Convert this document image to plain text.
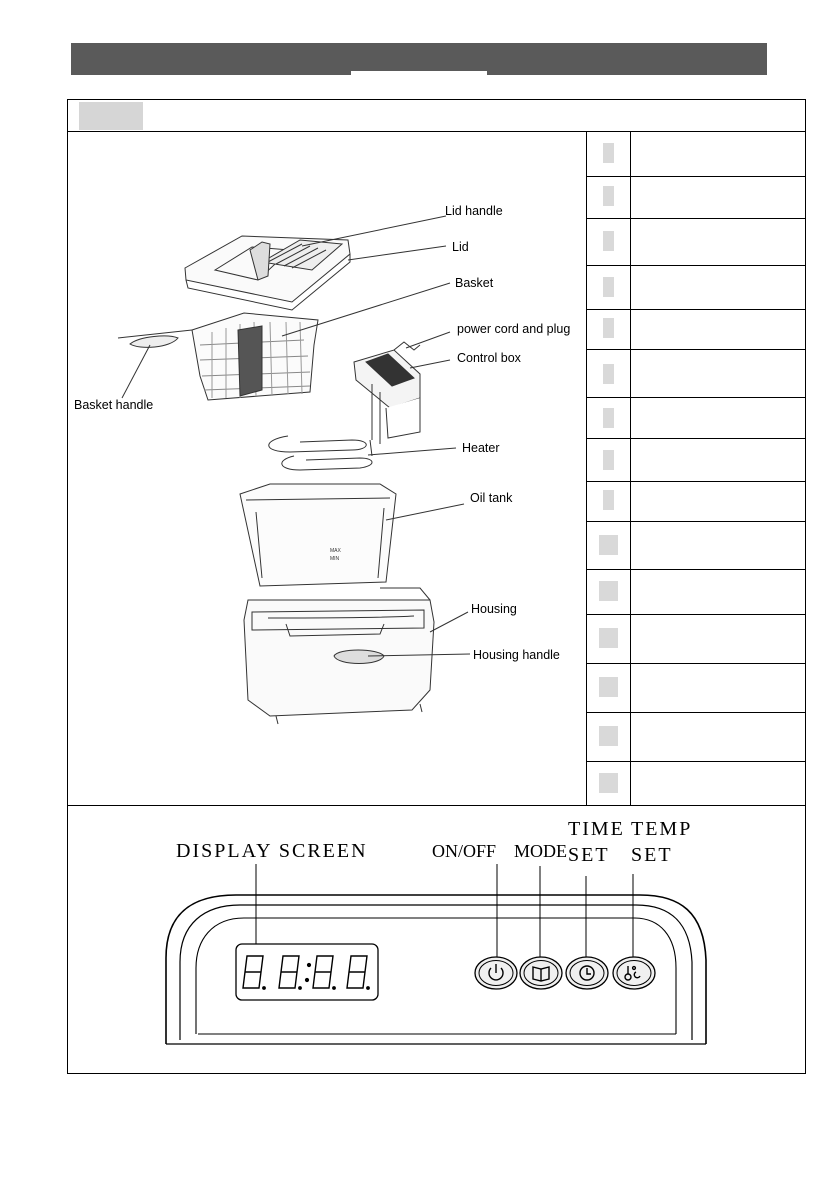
MAX
MIN
Lid handle
Lid
Basket
power cord and plug
Control box
Basket handle
Heater
Oil tank
Housing
Housing handle
DISPLAY SCREEN	ON/OFF MODE
TIME
SET
TEMP
SET
